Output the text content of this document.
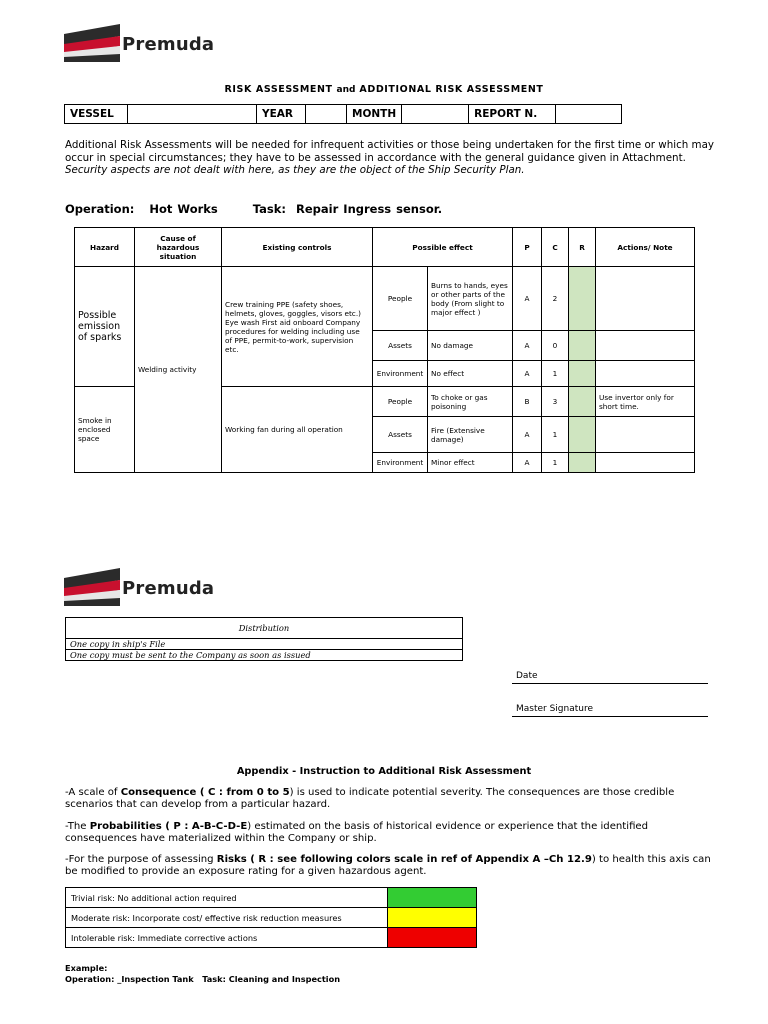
Premuda
RISK ASSESSMENT and ADDITIONAL RISK ASSESSMENT
VESSEL		YEAR		MONTH		REPORT N.	
Additional Risk Assessments will be needed for infrequent activities or those being undertaken for the first time or which may occur in special circumstances; they have to be assessed in accordance with the general guidance given in Attachment.
Security aspects are not dealt with here, as they are the object of the Ship Security Plan.
Operation: Hot Works	Task: Repair Ingress sensor.
Hazard	Cause of hazardous situation	Existing controls	Possible effect		P	C	R	Actions/ Note
Possible emission of sparks	Welding activity	Crew training PPE (safety shoes, helmets, gloves, goggles, visors etc.) Eye wash First aid onboard Company procedures for welding including use of PPE, permit-to-work, supervision etc.	People	Burns to hands, eyes or other parts of the body (From slight to major effect )	A	2		
			Assets	No damage	A	0		
			Environment	No effect	A	1		
Smoke in enclosed space		Working fan during all operation	People	To choke or gas poisoning	B	3		Use invertor only for short time.
			Assets	Fire (Extensive damage)	A	1		
			Environment	Minor effect	A	1		
Premuda
Distribution
One copy in ship's File
One copy must be sent to the Company as soon as issued
Date
Master Signature
Appendix - Instruction to Additional Risk Assessment
-A scale of Consequence ( C : from 0 to 5) is used to indicate potential severity. The consequences are those credible scenarios that can develop from a particular hazard.
-The Probabilities ( P : A-B-C-D-E) estimated on the basis of historical evidence or experience that the identified consequences have materialized within the Company or ship.
-For the purpose of assessing Risks ( R : see following colors scale in ref of Appendix A –Ch 12.9) to health this axis can be modified to provide an exposure rating for a given hazardous agent.
Trivial risk: No additional action required	
Moderate risk: Incorporate cost/ effective risk reduction measures	
Intolerable risk: Immediate corrective actions	
Example:
Operation: _Inspection Tank   Task: Cleaning and Inspection
